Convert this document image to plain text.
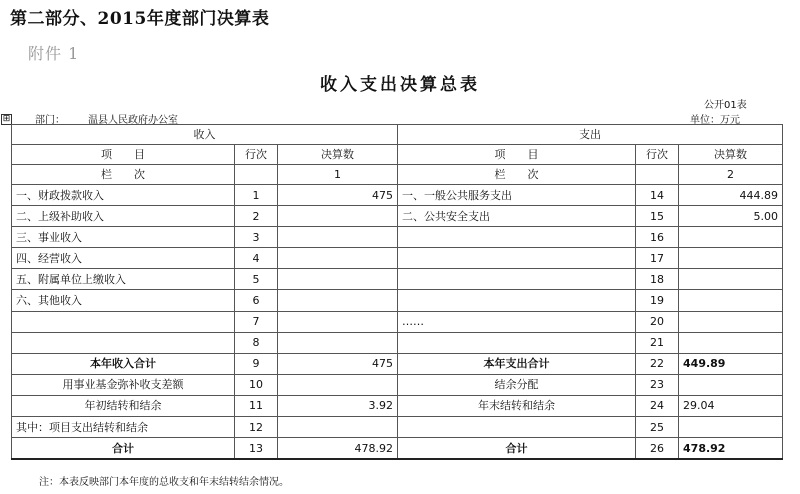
第二部分、2015年度部门决算表
附件 1
收入支出决算总表
公开01表
部门： 温县人民政府办公室	单位：万元
⊞
收入			支出		
项　　目	行次	决算数	项　　目	行次	决算数
栏　　次		1	栏　　次		2
一、财政拨款收入	1	475	一、一般公共服务支出	14	444.89
二、上级补助收入	2		二、公共安全支出	15	5.00
三、事业收入	3			16	
四、经营收入	4			17	
五、附属单位上缴收入	5			18	
六、其他收入	6			19	
	7		……	20	
	8			21	
本年收入合计	9	475	本年支出合计	22	449.89
用事业基金弥补收支差额	10		结余分配	23	
年初结转和结余	11	3.92	年末结转和结余	24	29.04
其中：项目支出结转和结余	12			25	
合计	13	478.92	合计	26	478.92
注：本表反映部门本年度的总收支和年末结转结余情况。
